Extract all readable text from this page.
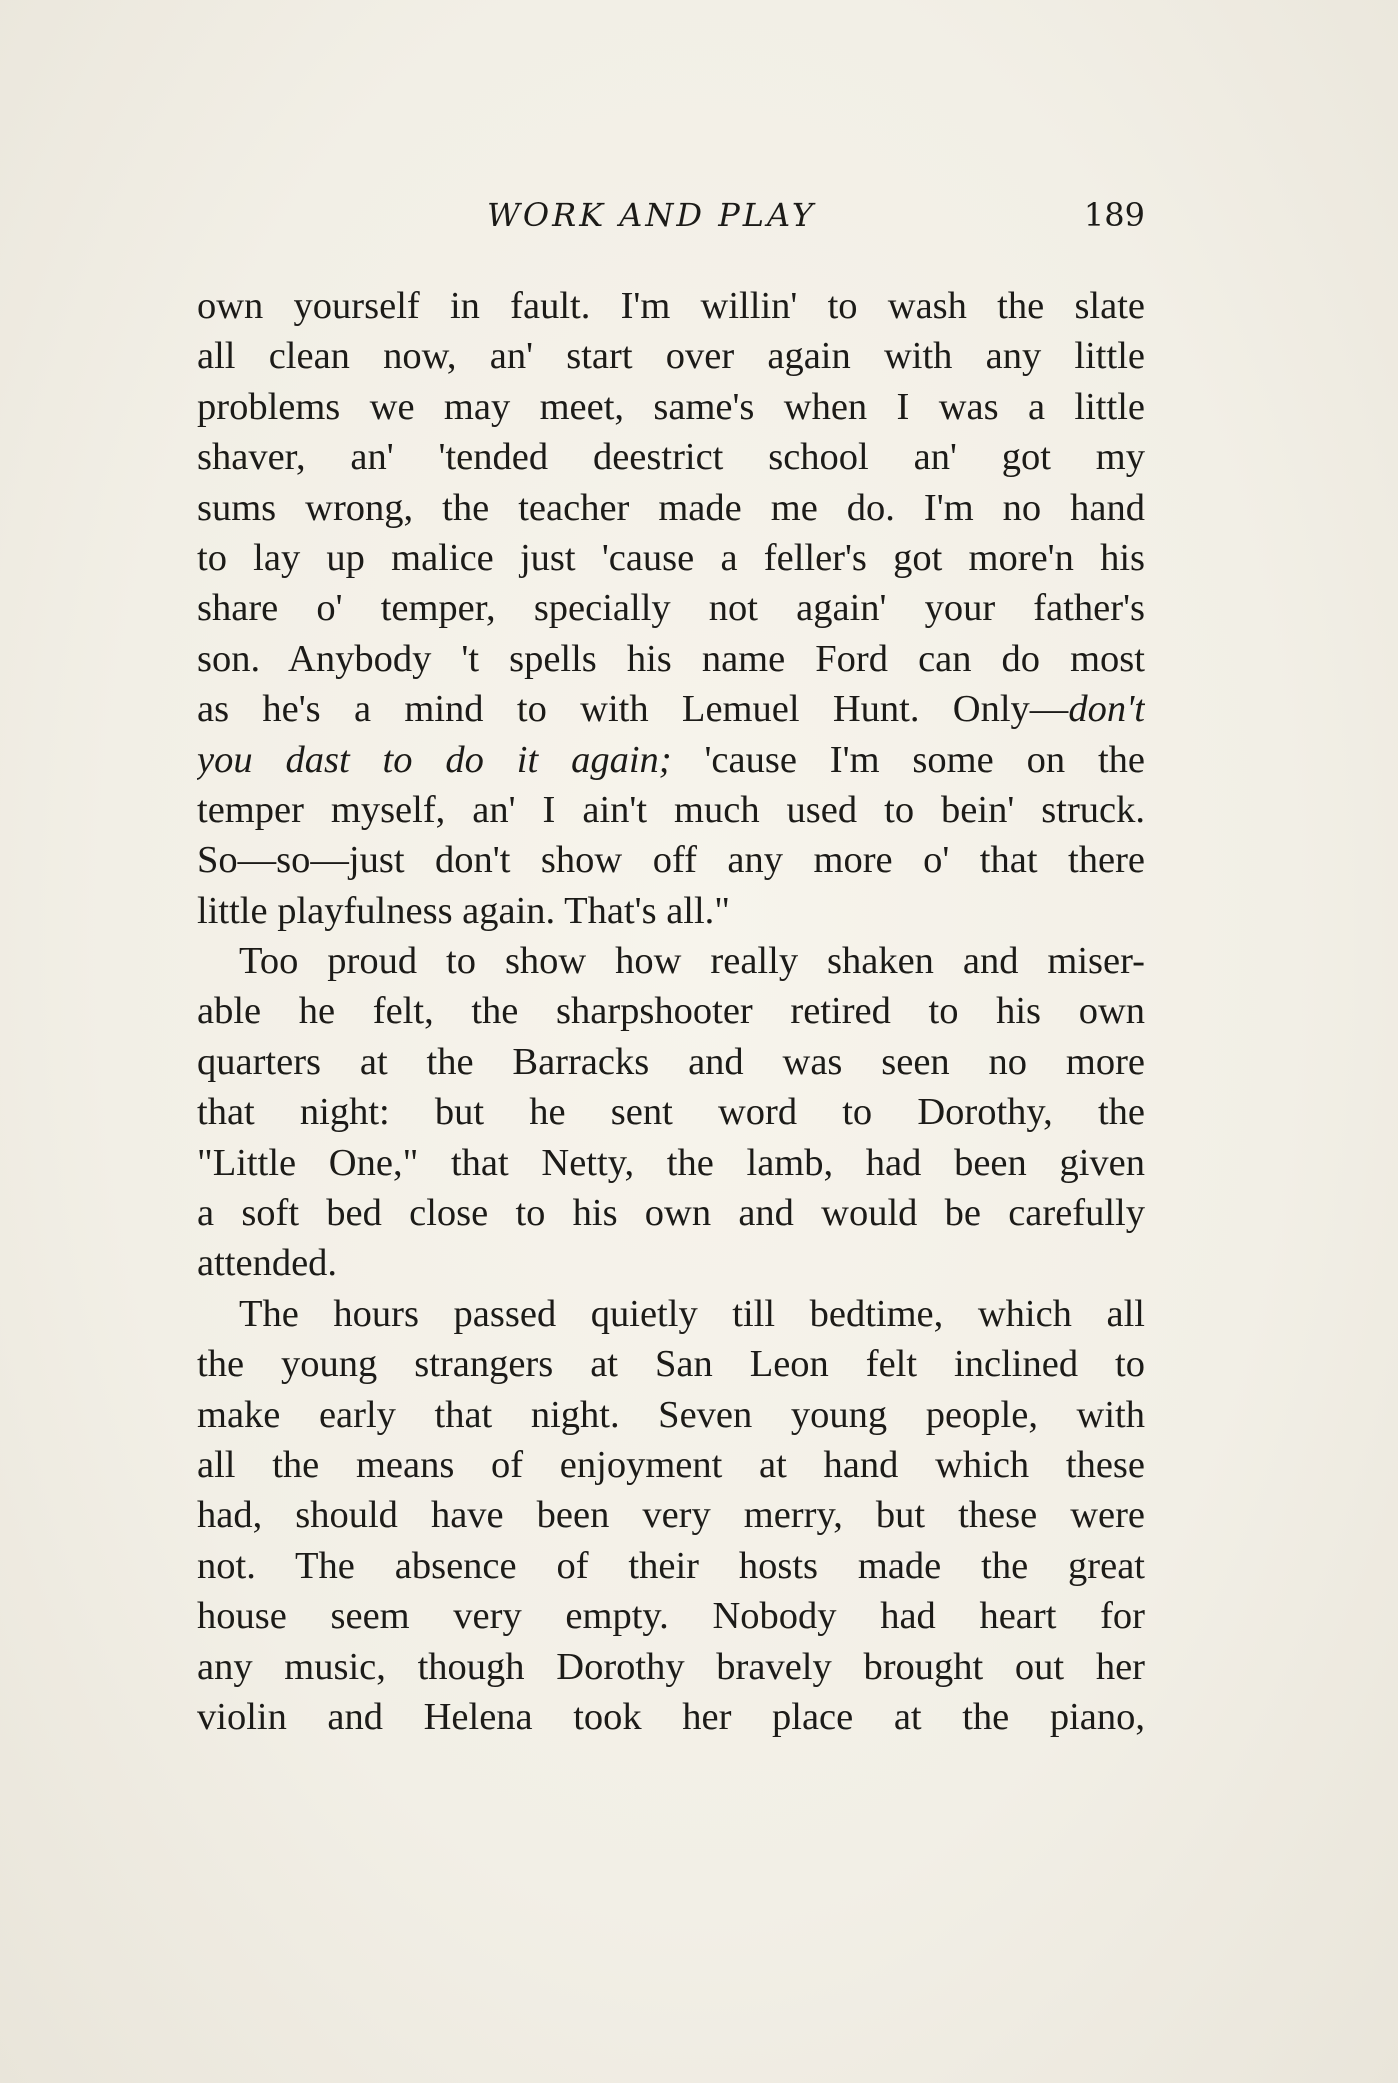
WORK AND PLAY	189
own yourself in fault. I'm willin' to wash the slate
all clean now, an' start over again with any little
problems we may meet, same's when I was a little
shaver, an' 'tended deestrict school an' got my
sums wrong, the teacher made me do. I'm no hand
to lay up malice just 'cause a feller's got more'n his
share o' temper, specially not again' your father's
son. Anybody 't spells his name Ford can do most
as he's a mind to with Lemuel Hunt. Only—don't
you dast to do it again; 'cause I'm some on the
temper myself, an' I ain't much used to bein' struck.
So—so—just don't show off any more o' that there
little playfulness again. That's all."
Too proud to show how really shaken and miser-
able he felt, the sharpshooter retired to his own
quarters at the Barracks and was seen no more
that night: but he sent word to Dorothy, the
"Little One," that Netty, the lamb, had been given
a soft bed close to his own and would be carefully
attended.
The hours passed quietly till bedtime, which all
the young strangers at San Leon felt inclined to
make early that night. Seven young people, with
all the means of enjoyment at hand which these
had, should have been very merry, but these were
not. The absence of their hosts made the great
house seem very empty. Nobody had heart for
any music, though Dorothy bravely brought out her
violin and Helena took her place at the piano,
